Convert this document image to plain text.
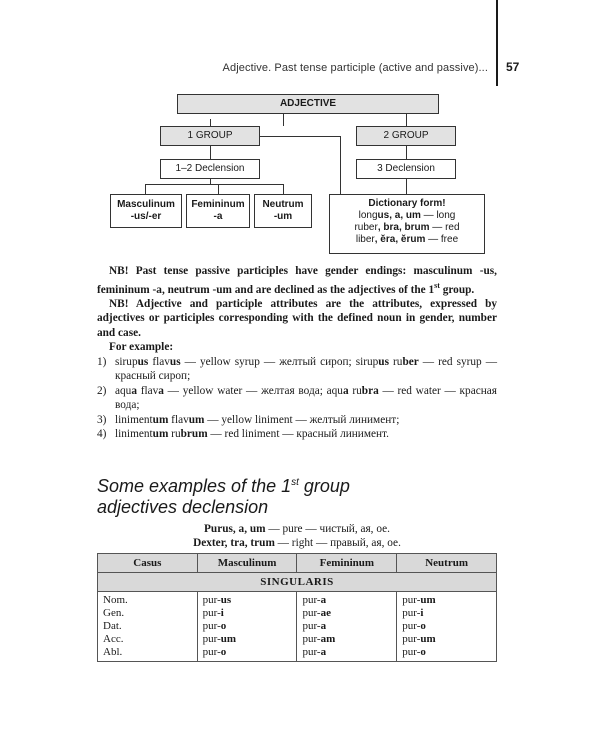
Adjective. Past tense participle (active and passive)... 57
ADJECTIVE
1 GROUP	2 GROUP
1–2 Declension	3 Declension
Masculinum
-us/-er
Femininum
-a
Neutrum
-um
Dictionary form!
longus, a, um — long
ruber, bra, brum — red
liber, ĕra, ĕrum — free

NB! Past tense passive participles have gender endings: masculinum -us, femininum -a, neutrum -um and are declined as the adjectives of the 1st group.

NB! Adjective and participle attributes are the attributes, expressed by adjectives or participles corresponding with the defined noun in gender, number and case.

For example:

1) sirupus flavus — yellow syrup — желтый сироп; sirupus ruber — red syrup — красный сироп;
2) aqua flava — yellow water — желтая вода; aqua rubra — red water — красная вода;
3) linimentum flavum — yellow liniment — желтый линимент;
4) linimentum rubrum — red liniment — красный линимент.
Some examples of the 1st group
adjectives declension
Purus, a, um — pure — чистый, ая, ое.
Dexter, tra, trum — right — правый, ая, ое.
Casus	Masculinum	Femininum	Neutrum
SINGULARIS			
Nom.	pur-us	pur-a	pur-um
Gen.	pur-i	pur-ae	pur-i
Dat.	pur-o	pur-a	pur-o
Acc.	pur-um	pur-am	pur-um
Abl.	pur-o	pur-a	pur-o
